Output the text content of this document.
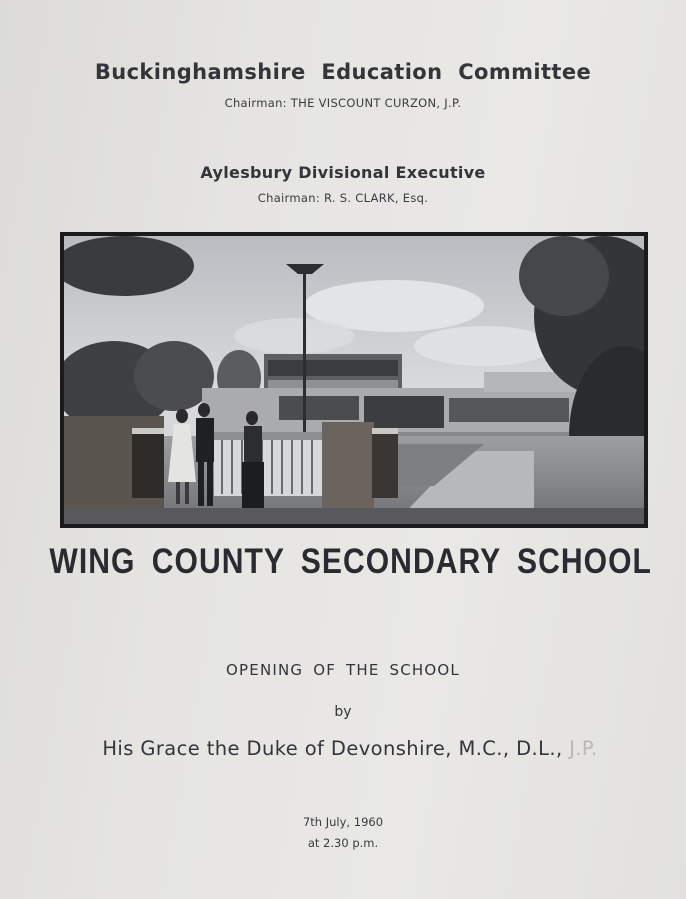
Buckinghamshire Education Committee
Chairman: THE VISCOUNT CURZON, J.P.
Aylesbury Divisional Executive
Chairman: R. S. CLARK, Esq.
WING COUNTY SECONDARY SCHOOL
OPENING OF THE SCHOOL
by
His Grace the Duke of Devonshire, M.C., D.L., J.P.
7th July, 1960
at 2.30 p.m.
